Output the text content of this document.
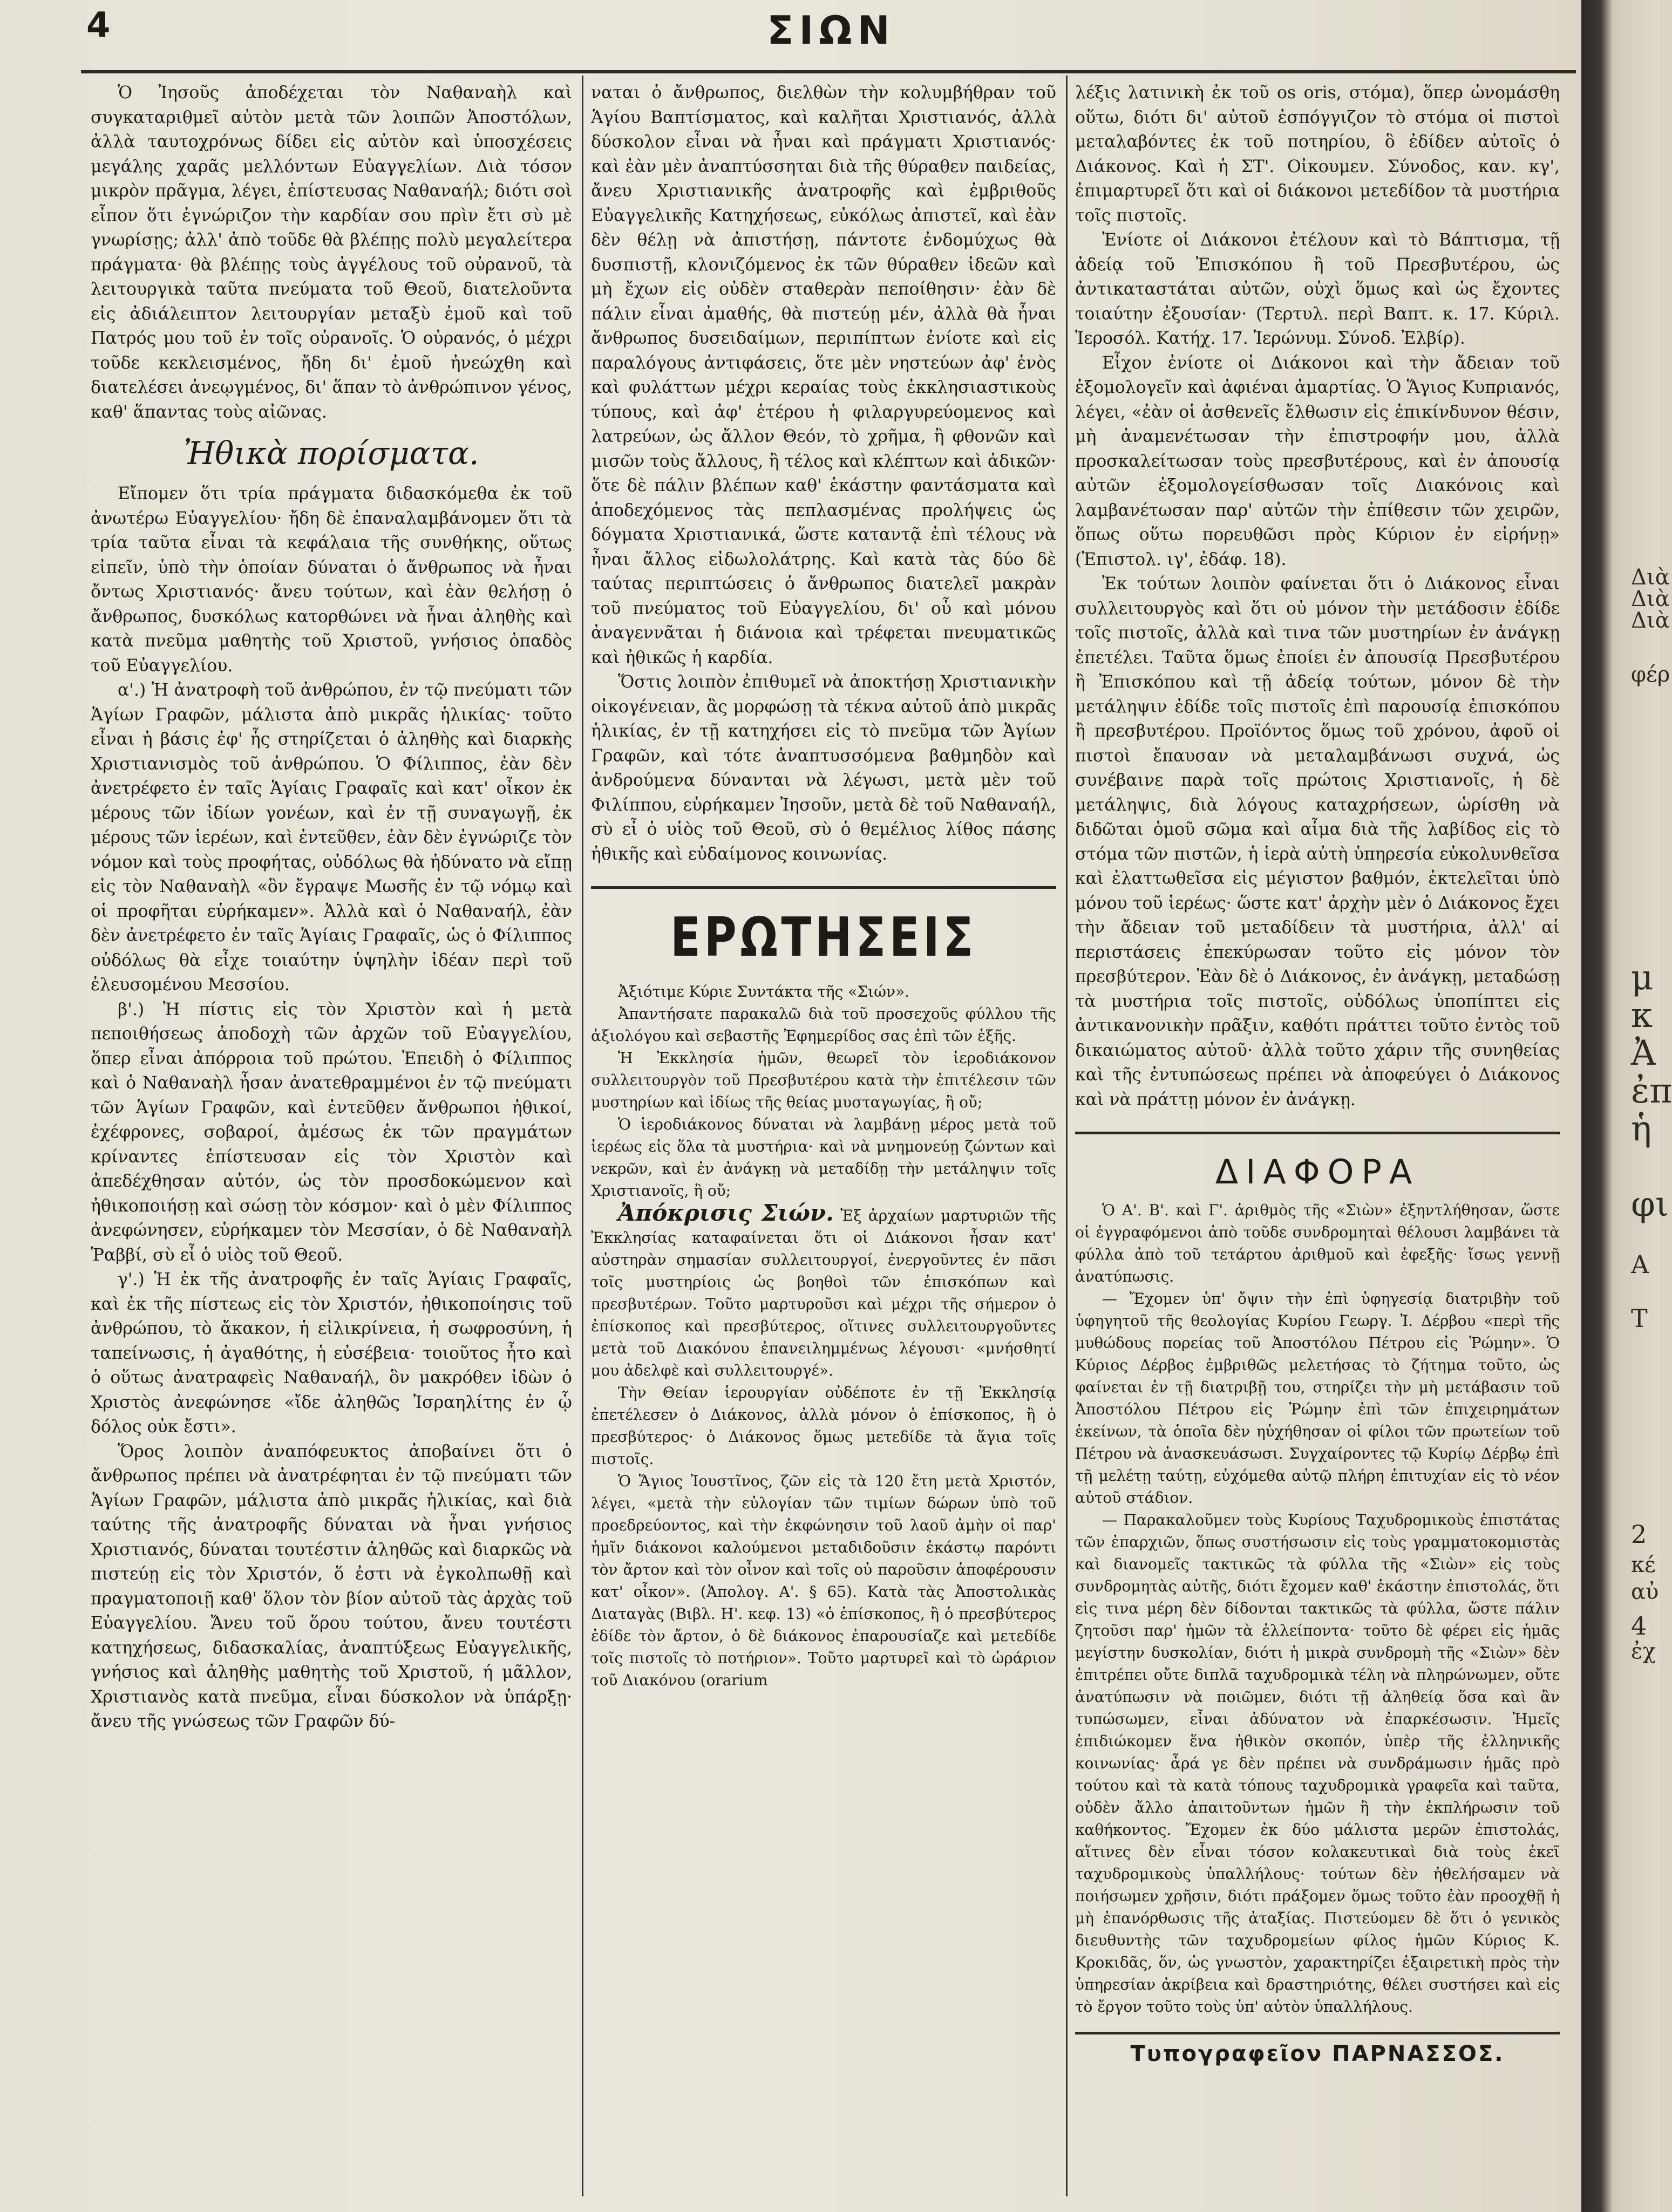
4	ΣΙΩΝ

Ὁ Ἰησοῦς ἀποδέχεται τὸν Ναθαναὴλ καὶ συγκαταριθμεῖ αὐτὸν μετὰ τῶν λοιπῶν Ἀποστόλων, ἀλλὰ ταυτοχρόνως δίδει εἰς αὐτὸν καὶ ὑποσχέσεις μεγάλης χαρᾶς μελλόντων Εὐαγγελίων. Διὰ τόσον μικρὸν πρᾶγμα, λέγει, ἐπίστευσας Ναθαναήλ; διότι σοὶ εἶπον ὅτι ἐγνώριζον τὴν καρδίαν σου πρὶν ἔτι σὺ μὲ γνωρίσῃς; ἀλλ' ἀπὸ τοῦδε θὰ βλέπῃς πολὺ μεγαλείτερα πράγματα· θὰ βλέπῃς τοὺς ἀγγέλους τοῦ οὐρανοῦ, τὰ λειτουργικὰ ταῦτα πνεύματα τοῦ Θεοῦ, διατελοῦντα εἰς ἀδιάλειπτον λειτουργίαν μεταξὺ ἐμοῦ καὶ τοῦ Πατρός μου τοῦ ἐν τοῖς οὐρανοῖς. Ὁ οὐρανός, ὁ μέχρι τοῦδε κεκλεισμένος, ἤδη δι' ἐμοῦ ἠνεώχθη καὶ διατελέσει ἀνεῳγμένος, δι' ἅπαν τὸ ἀνθρώπινον γένος, καθ' ἅπαντας τοὺς αἰῶνας.

Ἠθικὰ πορίσματα.

Εἴπομεν ὅτι τρία πράγματα διδασκόμεθα ἐκ τοῦ ἀνωτέρω Εὐαγγελίου· ἤδη δὲ ἐπαναλαμβάνομεν ὅτι τὰ τρία ταῦτα εἶναι τὰ κεφάλαια τῆς συνθήκης, οὕτως εἰπεῖν, ὑπὸ τὴν ὁποίαν δύναται ὁ ἄνθρωπος νὰ ἦναι ὄντως Χριστιανός· ἄνευ τούτων, καὶ ἐὰν θελήσῃ ὁ ἄνθρωπος, δυσκόλως κατορθώνει νὰ ἦναι ἀληθὴς καὶ κατὰ πνεῦμα μαθητὴς τοῦ Χριστοῦ, γνήσιος ὀπαδὸς τοῦ Εὐαγγελίου.

α'.) Ἡ ἀνατροφὴ τοῦ ἀνθρώπου, ἐν τῷ πνεύματι τῶν Ἁγίων Γραφῶν, μάλιστα ἀπὸ μικρᾶς ἡλικίας· τοῦτο εἶναι ἡ βάσις ἐφ' ἧς στηρίζεται ὁ ἀληθὴς καὶ διαρκὴς Χριστιανισμὸς τοῦ ἀνθρώπου. Ὁ Φίλιππος, ἐὰν δὲν ἀνετρέφετο ἐν ταῖς Ἁγίαις Γραφαῖς καὶ κατ' οἶκον ἐκ μέρους τῶν ἰδίων γονέων, καὶ ἐν τῇ συναγωγῇ, ἐκ μέρους τῶν ἱερέων, καὶ ἐντεῦθεν, ἐὰν δὲν ἐγνώριζε τὸν νόμον καὶ τοὺς προφήτας, οὐδόλως θὰ ἠδύνατο νὰ εἴπῃ εἰς τὸν Ναθαναὴλ «ὃν ἔγραψε Μωσῆς ἐν τῷ νόμῳ καὶ οἱ προφῆται εὑρήκαμεν». Ἀλλὰ καὶ ὁ Ναθαναήλ, ἐὰν δὲν ἀνετρέφετο ἐν ταῖς Ἁγίαις Γραφαῖς, ὡς ὁ Φίλιππος οὐδόλως θὰ εἶχε τοιαύτην ὑψηλὴν ἰδέαν περὶ τοῦ ἐλευσομένου Μεσσίου.

β'.) Ἡ πίστις εἰς τὸν Χριστὸν καὶ ἡ μετὰ πεποιθήσεως ἀποδοχὴ τῶν ἀρχῶν τοῦ Εὐαγγελίου, ὅπερ εἶναι ἀπόρροια τοῦ πρώτου. Ἐπειδὴ ὁ Φίλιππος καὶ ὁ Ναθαναὴλ ἦσαν ἀνατεθραμμένοι ἐν τῷ πνεύματι τῶν Ἁγίων Γραφῶν, καὶ ἐντεῦθεν ἄνθρωποι ἠθικοί, ἐχέφρονες, σοβαροί, ἀμέσως ἐκ τῶν πραγμάτων κρίναντες ἐπίστευσαν εἰς τὸν Χριστὸν καὶ ἀπεδέχθησαν αὐτόν, ὡς τὸν προσδοκώμενον καὶ ἠθικοποιήσῃ καὶ σώσῃ τὸν κόσμον· καὶ ὁ μὲν Φίλιππος ἀνεφώνησεν, εὑρήκαμεν τὸν Μεσσίαν, ὁ δὲ Ναθαναὴλ Ῥαββί, σὺ εἶ ὁ υἱὸς τοῦ Θεοῦ.

γ'.) Ἡ ἐκ τῆς ἀνατροφῆς ἐν ταῖς Ἁγίαις Γραφαῖς, καὶ ἐκ τῆς πίστεως εἰς τὸν Χριστόν, ἠθικοποίησις τοῦ ἀνθρώπου, τὸ ἄκακον, ἡ εἰλικρίνεια, ἡ σωφροσύνη, ἡ ταπείνωσις, ἡ ἀγαθότης, ἡ εὐσέβεια· τοιοῦτος ἦτο καὶ ὁ οὕτως ἀνατραφεὶς Ναθαναήλ, ὃν μακρόθεν ἰδὼν ὁ Χριστὸς ἀνεφώνησε «ἴδε ἀληθῶς Ἰσραηλίτης ἐν ᾧ δόλος οὐκ ἔστι».

Ὅρος λοιπὸν ἀναπόφευκτος ἀποβαίνει ὅτι ὁ ἄνθρωπος πρέπει νὰ ἀνατρέφηται ἐν τῷ πνεύματι τῶν Ἁγίων Γραφῶν, μάλιστα ἀπὸ μικρᾶς ἡλικίας, καὶ διὰ ταύτης τῆς ἀνατροφῆς δύναται νὰ ἦναι γνήσιος Χριστιανός, δύναται τουτέστιν ἀληθῶς καὶ διαρκῶς νὰ πιστεύῃ εἰς τὸν Χριστόν, ὅ ἐστι νὰ ἐγκολπωθῇ καὶ πραγματοποιῇ καθ' ὅλον τὸν βίον αὐτοῦ τὰς ἀρχὰς τοῦ Εὐαγγελίου. Ἄνευ τοῦ ὅρου τούτου, ἄνευ τουτέστι κατηχήσεως, διδασκαλίας, ἀναπτύξεως Εὐαγγελικῆς, γνήσιος καὶ ἀληθὴς μαθητὴς τοῦ Χριστοῦ, ή μᾶλλον, Χριστιανὸς κατὰ πνεῦμα, εἶναι δύσκολον νὰ ὑπάρξῃ· ἄνευ τῆς γνώσεως τῶν Γραφῶν δύ-

ναται ὁ ἄνθρωπος, διελθὼν τὴν κολυμβήθραν τοῦ Ἁγίου Βαπτίσματος, καὶ καλῆται Χριστιανός, ἀλλὰ δύσκολον εἶναι νὰ ἦναι καὶ πράγματι Χριστιανός· καὶ ἐὰν μὲν ἀναπτύσσηται διὰ τῆς θύραθεν παιδείας, ἄνευ Χριστιανικῆς ἀνατροφῆς καὶ ἐμβριθοῦς Εὐαγγελικῆς Κατηχήσεως, εὐκόλως ἀπιστεῖ, καὶ ἐὰν δὲν θέλῃ νὰ ἀπιστήσῃ, πάντοτε ἐνδομύχως θὰ δυσπιστῇ, κλονιζόμενος ἐκ τῶν θύραθεν ἰδεῶν καὶ μὴ ἔχων εἰς οὐδὲν σταθερὰν πεποίθησιν· ἐὰν δὲ πάλιν εἶναι ἀμαθής, θὰ πιστεύῃ μέν, ἀλλὰ θὰ ἦναι ἄνθρωπος δυσειδαίμων, περιπίπτων ἐνίοτε καὶ εἰς παραλόγους ἀντιφάσεις, ὅτε μὲν νηστεύων ἀφ' ἑνὸς καὶ φυλάττων μέχρι κεραίας τοὺς ἐκκλησιαστικοὺς τύπους, καὶ ἀφ' ἑτέρου ἡ φιλαργυρεύομενος καὶ λατρεύων, ὡς ἄλλον Θεόν, τὸ χρῆμα, ἢ φθονῶν καὶ μισῶν τοὺς ἄλλους, ἢ τέλος καὶ κλέπτων καὶ ἀδικῶν· ὅτε δὲ πάλιν βλέπων καθ' ἑκάστην φαντάσματα καὶ ἀποδεχόμενος τὰς πεπλασμένας προλήψεις ὡς δόγματα Χριστιανικά, ὥστε καταντᾷ ἐπὶ τέλους νὰ ἦναι ἄλλος εἰδωλολάτρης. Καὶ κατὰ τὰς δύο δὲ ταύτας περιπτώσεις ὁ ἄνθρωπος διατελεῖ μακρὰν τοῦ πνεύματος τοῦ Εὐαγγελίου, δι' οὗ καὶ μόνου ἀναγεννᾶται ἡ διάνοια καὶ τρέφεται πνευματικῶς καὶ ἠθικῶς ἡ καρδία.

Ὅστις λοιπὸν ἐπιθυμεῖ νὰ ἀποκτήσῃ Χριστιανικὴν οἰκογένειαν, ἂς μορφώσῃ τὰ τέκνα αὐτοῦ ἀπὸ μικρᾶς ἡλικίας, ἐν τῇ κατηχήσει εἰς τὸ πνεῦμα τῶν Ἁγίων Γραφῶν, καὶ τότε ἀναπτυσσόμενα βαθμηδὸν καὶ ἀνδρούμενα δύνανται νὰ λέγωσι, μετὰ μὲν τοῦ Φιλίππου, εὑρήκαμεν Ἰησοῦν, μετὰ δὲ τοῦ Ναθαναήλ, σὺ εἶ ὁ υἱὸς τοῦ Θεοῦ, σὺ ὁ θεμέλιος λίθος πάσης ἠθικῆς καὶ εὐδαίμονος κοινωνίας.

ΕΡΩΤΗΣΕΙΣ

Ἀξιότιμε Κύριε Συντάκτα τῆς «Σιών».

Ἀπαντήσατε παρακαλῶ διὰ τοῦ προσεχοῦς φύλλου τῆς ἀξιολόγου καὶ σεβαστῆς Ἐφημερίδος σας ἐπὶ τῶν ἑξῆς.

Ἡ Ἐκκλησία ἡμῶν, θεωρεῖ τὸν ἱεροδιάκονον συλλειτουργὸν τοῦ Πρεσβυτέρου κατὰ τὴν ἐπιτέλεσιν τῶν μυστηρίων καὶ ἰδίως τῆς θείας μυσταγωγίας, ἢ οὔ;

Ὁ ἱεροδιάκονος δύναται νὰ λαμβάνῃ μέρος μετὰ τοῦ ἱερέως εἰς ὅλα τὰ μυστήρια· καὶ νὰ μνημονεύῃ ζώντων καὶ νεκρῶν, καὶ ἐν ἀνάγκῃ νὰ μεταδίδῃ τὴν μετάληψιν τοῖς Χριστιανοῖς, ἢ οὔ;

Ἀπόκρισις Σιών. Ἐξ ἀρχαίων μαρτυριῶν τῆς Ἐκκλησίας καταφαίνεται ὅτι οἱ Διάκονοι ἦσαν κατ' αὐστηρὰν σημασίαν συλλειτουργοί, ἐνεργοῦντες ἐν πᾶσι τοῖς μυστηρίοις ὡς βοηθοὶ τῶν ἐπισκόπων καὶ πρεσβυτέρων. Τοῦτο μαρτυροῦσι καὶ μέχρι τῆς σήμερον ὁ ἐπίσκοπος καὶ πρεσβύτερος, οἵτινες συλλειτουργοῦντες μετὰ τοῦ Διακόνου ἐπανειλημμένως λέγουσι· «μνήσθητί μου ἀδελφὲ καὶ συλλειτουργέ».

Τὴν Θείαν ἱερουργίαν οὐδέποτε ἐν τῇ Ἐκκλησίᾳ ἐπετέλεσεν ὁ Διάκονος, ἀλλὰ μόνον ὁ ἐπίσκοπος, ἢ ὁ πρεσβύτερος· ὁ Διάκονος ὅμως μετεδίδε τὰ ἅγια τοῖς πιστοῖς.

Ὁ Ἅγιος Ἰουστῖνος, ζῶν εἰς τὰ 120 ἔτη μετὰ Χριστόν, λέγει, «μετὰ τὴν εὐλογίαν τῶν τιμίων δώρων ὑπὸ τοῦ προεδρεύοντος, καὶ τὴν ἐκφώνησιν τοῦ λαοῦ ἀμὴν οἱ παρ' ἡμῖν διάκονοι καλούμενοι μεταδιδοῦσιν ἑκάστῳ παρόντι τὸν ἄρτον καὶ τὸν οἶνον καὶ τοῖς οὐ παροῦσιν ἀποφέρουσιν κατ' οἶκον». (Ἀπολογ. Α'. § 65). Κατὰ τὰς Ἀποστολικὰς Διαταγὰς (Βιβλ. Η'. κεφ. 13) «ὁ ἐπίσκοπος, ἢ ὁ πρεσβύτερος ἐδίδε τὸν ἄρτον, ὁ δὲ διάκονος ἐπαρουσίαζε καὶ μετεδίδε τοῖς πιστοῖς τὸ ποτήριον». Τοῦτο μαρτυρεῖ καὶ τὸ ὡράριον τοῦ Διακόνου (orarium

λέξις λατινικὴ ἐκ τοῦ os oris, στόμα), ὅπερ ὠνομάσθη οὕτω, διότι δι' αὐτοῦ ἐσπόγγιζον τὸ στόμα οἱ πιστοὶ μεταλαβόντες ἐκ τοῦ ποτηρίου, ὃ ἐδίδεν αὐτοῖς ὁ Διάκονος. Καὶ ἡ ΣΤ'. Οἰκουμεν. Σύνοδος, καν. κγ', ἐπιμαρτυρεῖ ὅτι καὶ οἱ διάκονοι μετεδίδον τὰ μυστήρια τοῖς πιστοῖς.

Ἐνίοτε οἱ Διάκονοι ἐτέλουν καὶ τὸ Βάπτισμα, τῇ ἀδείᾳ τοῦ Ἐπισκόπου ἢ τοῦ Πρεσβυτέρου, ὡς ἀντικαταστάται αὐτῶν, οὐχὶ ὅμως καὶ ὡς ἔχοντες τοιαύτην ἐξουσίαν· (Τερτυλ. περὶ Βαπτ. κ. 17. Κύριλ. Ἱεροσόλ. Κατήχ. 17. Ἱερώνυμ. Σύνοδ. Ἐλβίρ).

Εἶχον ἐνίοτε οἱ Διάκονοι καὶ τὴν ἄδειαν τοῦ ἐξομολογεῖν καὶ ἀφιέναι ἁμαρτίας. Ὁ Ἅγιος Κυπριανός, λέγει, «ἐὰν οἱ ἀσθενεῖς ἔλθωσιν εἰς ἐπικίνδυνον θέσιν, μὴ ἀναμενέτωσαν τὴν ἐπιστροφήν μου, ἀλλὰ προσκαλείτωσαν τοὺς πρεσβυτέρους, καὶ ἐν ἀπουσίᾳ αὐτῶν ἐξομολογείσθωσαν τοῖς Διακόνοις καὶ λαμβανέτωσαν παρ' αὐτῶν τὴν ἐπίθεσιν τῶν χειρῶν, ὅπως οὕτω πορευθῶσι πρὸς Κύριον ἐν εἰρήνῃ» (Ἐπιστολ. ιγ', ἐδάφ. 18).

Ἐκ τούτων λοιπὸν φαίνεται ὅτι ὁ Διάκονος εἶναι συλλειτουργὸς καὶ ὅτι οὐ μόνον τὴν μετάδοσιν ἐδίδε τοῖς πιστοῖς, ἀλλὰ καὶ τινα τῶν μυστηρίων ἐν ἀνάγκῃ ἐπετέλει. Ταῦτα ὅμως ἐποίει ἐν ἀπουσίᾳ Πρεσβυτέρου ἢ Ἐπισκόπου καὶ τῇ ἀδείᾳ τούτων, μόνον δὲ τὴν μετάληψιν ἐδίδε τοῖς πιστοῖς ἐπὶ παρουσίᾳ ἐπισκόπου ἢ πρεσβυτέρου. Προϊόντος ὅμως τοῦ χρόνου, ἀφοῦ οἱ πιστοὶ ἔπαυσαν νὰ μεταλαμβάνωσι συχνά, ὡς συνέβαινε παρὰ τοῖς πρώτοις Χριστιανοῖς, ἡ δὲ μετάληψις, διὰ λόγους καταχρήσεων, ὡρίσθη νὰ διδῶται ὁμοῦ σῶμα καὶ αἷμα διὰ τῆς λαβίδος εἰς τὸ στόμα τῶν πιστῶν, ἡ ἱερὰ αὐτὴ ὑπηρεσία εὐκολυνθεῖσα καὶ ἐλαττωθεῖσα εἰς μέγιστον βαθμόν, ἐκτελεῖται ὑπὸ μόνου τοῦ ἱερέως· ὥστε κατ' ἀρχὴν μὲν ὁ Διάκονος ἔχει τὴν ἄδειαν τοῦ μεταδίδειν τὰ μυστήρια, ἀλλ' αἱ περιστάσεις ἐπεκύρωσαν τοῦτο εἰς μόνον τὸν πρεσβύτερον. Ἐὰν δὲ ὁ Διάκονος, ἐν ἀνάγκῃ, μεταδώσῃ τὰ μυστήρια τοῖς πιστοῖς, οὐδόλως ὑποπίπτει εἰς ἀντικανονικὴν πρᾶξιν, καθότι πράττει τοῦτο ἐντὸς τοῦ δικαιώματος αὐτοῦ· ἀλλὰ τοῦτο χάριν τῆς συνηθείας καὶ τῆς ἐντυπώσεως πρέπει νὰ ἀποφεύγει ὁ Διάκονος καὶ νὰ πράττῃ μόνον ἐν ἀνάγκῃ.

ΔΙΑΦΟΡΑ

Ὁ Α'. Β'. καὶ Γ'. ἀριθμὸς τῆς «Σιὼν» ἐξηντλήθησαν, ὥστε οἱ ἐγγραφόμενοι ἀπὸ τοῦδε συνδρομηταὶ θέλουσι λαμβάνει τὰ φύλλα ἀπὸ τοῦ τετάρτου ἀριθμοῦ καὶ ἐφεξῆς· ἴσως γεννῇ ἀνατύπωσις.

— Ἔχομεν ὑπ' ὄψιν τὴν ἐπὶ ὑφηγεσίᾳ διατριβὴν τοῦ ὑφηγητοῦ τῆς θεολογίας Κυρίου Γεωργ. Ἰ. Δέρβου «περὶ τῆς μυθώδους πορείας τοῦ Ἀποστόλου Πέτρου εἰς Ῥώμην». Ὁ Κύριος Δέρβος ἐμβριθῶς μελετήσας τὸ ζήτημα τοῦτο, ὡς φαίνεται ἐν τῇ διατριβῇ του, στηρίζει τὴν μὴ μετάβασιν τοῦ Ἀποστόλου Πέτρου εἰς Ῥώμην ἐπὶ τῶν ἐπιχειρημάτων ἐκείνων, τὰ ὁποῖα δὲν ηὐχήθησαν οἱ φίλοι τῶν πρωτείων τοῦ Πέτρου νὰ ἀνασκευάσωσι. Συγχαίροντες τῷ Κυρίῳ Δέρβῳ ἐπὶ τῇ μελέτῃ ταύτῃ, εὐχόμεθα αὐτῷ πλήρη ἐπιτυχίαν εἰς τὸ νέον αὐτοῦ στάδιον.

— Παρακαλοῦμεν τοὺς Κυρίους Ταχυδρομικοὺς ἐπιστάτας τῶν ἐπαρχιῶν, ὅπως συστήσωσιν εἰς τοὺς γραμματοκομιστὰς καὶ διανομεῖς τακτικῶς τὰ φύλλα τῆς «Σιὼν» εἰς τοὺς συνδρομητὰς αὐτῆς, διότι ἔχομεν καθ' ἑκάστην ἐπιστολάς, ὅτι εἰς τινα μέρη δὲν δίδονται τακτικῶς τὰ φύλλα, ὥστε πάλιν ζητοῦσι παρ' ἡμῶν τὰ ἐλλείποντα· τοῦτο δὲ φέρει εἰς ἡμᾶς μεγίστην δυσκολίαν, διότι ἡ μικρὰ συνδρομὴ τῆς «Σιὼν» δὲν ἐπιτρέπει οὔτε διπλᾶ ταχυδρομικὰ τέλη νὰ πληρώνωμεν, οὔτε ἀνατύπωσιν νὰ ποιῶμεν, διότι τῇ ἀληθείᾳ ὅσα καὶ ἂν τυπώσωμεν, εἶναι ἀδύνατον νὰ ἐπαρκέσωσιν. Ἡμεῖς ἐπιδιώκομεν ἕνα ἠθικὸν σκοπόν, ὑπὲρ τῆς ἑλληνικῆς κοινωνίας· ἆρά γε δὲν πρέπει νὰ συνδράμωσιν ἡμᾶς πρὸ τούτου καὶ τὰ κατὰ τόπους ταχυδρομικὰ γραφεῖα καὶ ταῦτα, οὐδὲν ἄλλο ἀπαιτοῦντων ἡμῶν ἢ τὴν ἐκπλήρωσιν τοῦ καθήκοντος. Ἔχομεν ἐκ δύο μάλιστα μερῶν ἐπιστολάς, αἵτινες δὲν εἶναι τόσον κολακευτικαὶ διὰ τοὺς ἐκεῖ ταχυδρομικοὺς ὑπαλλήλους· τούτων δὲν ἠθελήσαμεν νὰ ποιήσωμεν χρῆσιν, διότι πράξομεν ὅμως τοῦτο ἐὰν προοχθῇ ἡ μὴ ἐπανόρθωσις τῆς ἀταξίας. Πιστεύομεν δὲ ὅτι ὁ γενικὸς διευθυντὴς τῶν ταχυδρομείων φίλος ἡμῶν Κύριος Κ. Κροκιδᾶς, ὅν, ὡς γνωστὸν, χαρακτηρίζει ἐξαιρετικὴ πρὸς τὴν ὑπηρεσίαν ἀκρίβεια καὶ δραστηριότης, θέλει συστήσει καὶ εἰς τὸ ἔργον τοῦτο τοὺς ὑπ' αὐτὸν ὑπαλλήλους.

Τυπογραφεῖον ΠΑΡΝΑΣΣΟΣ.
Διὰ
Διὰ
Διὰ
φέρ
μ
κ
Ἀ
ἐπ
ἡ
φι
Α
Τ
2
κέ
αὐ
4
ἐχ
